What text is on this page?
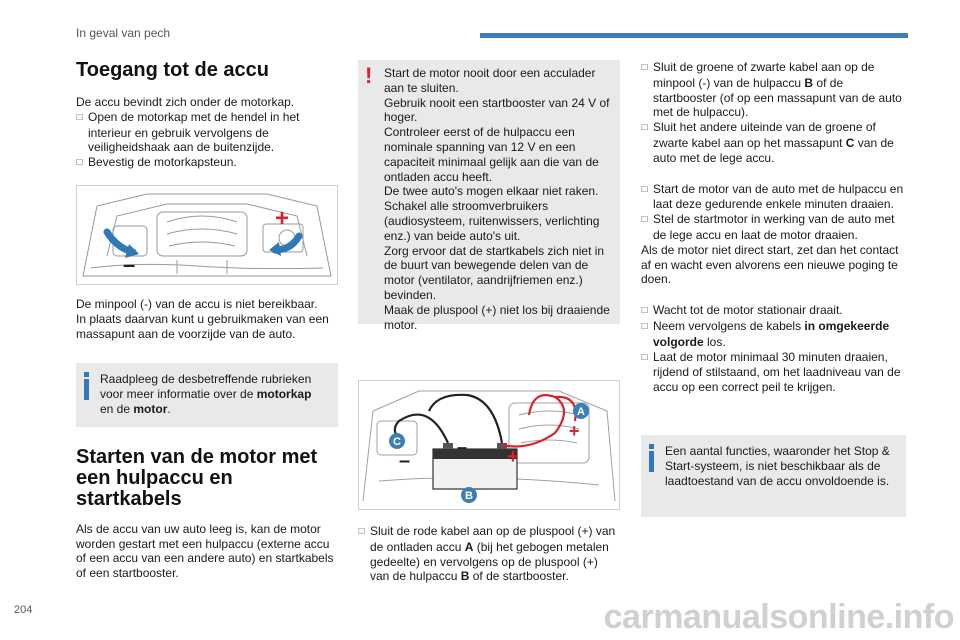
In geval van pech
Toegang tot de accu

De accu bevindt zich onder de motorkap.

☐ Open de motorkap met de hendel in het interieur en gebruik vervolgens de veiligheidshaak aan de buitenzijde.

☐ Bevestig de motorkapsteun.

–
+

De minpool (-) van de accu is niet bereikbaar.

In plaats daarvan kunt u gebruikmaken van een massapunt aan de voorzijde van de auto.

Raadpleeg de desbetreffende rubrieken voor meer informatie over de motorkap en de motor.
Starten van de motor met een hulpaccu en startkabels

Als de accu van uw auto leeg is, kan de motor worden gestart met een hulpaccu (externe accu of een accu van een andere auto) en startkabels of een startbooster.

! Start de motor nooit door een acculader aan te sluiten.

Gebruik nooit een startbooster van 24 V of hoger.

Controleer eerst of de hulpaccu een nominale spanning van 12 V en een capaciteit minimaal gelijk aan die van de ontladen accu heeft.

De twee auto's mogen elkaar niet raken.

Schakel alle stroomverbruikers (audiosysteem, ruitenwissers, verlichting enz.) van beide auto's uit.

Zorg ervoor dat de startkabels zich niet in de buurt van bewegende delen van de motor (ventilator, aandrijfriemen enz.) bevinden.

Maak de pluspool (+) niet los bij draaiende motor.

A
B
C
–
– +
+

☐ Sluit de rode kabel aan op de pluspool (+) van de ontladen accu A (bij het gebogen metalen gedeelte) en vervolgens op de pluspool (+) van de hulpaccu B of de startbooster.

☐ Sluit de groene of zwarte kabel aan op de minpool (-) van de hulpaccu B of de startbooster (of op een massapunt van de auto met de hulpaccu).

☐ Sluit het andere uiteinde van de groene of zwarte kabel aan op het massapunt C van de auto met de lege accu.

☐ Start de motor van de auto met de hulpaccu en laat deze gedurende enkele minuten draaien.

☐ Stel de startmotor in werking van de auto met de lege accu en laat de motor draaien.

Als de motor niet direct start, zet dan het contact af en wacht even alvorens een nieuwe poging te doen.

☐ Wacht tot de motor stationair draait.

☐ Neem vervolgens de kabels in omgekeerde volgorde los.

☐ Laat de motor minimaal 30 minuten draaien, rijdend of stilstaand, om het laadniveau van de accu op een correct peil te krijgen.

Een aantal functies, waaronder het Stop & Start-systeem, is niet beschikbaar als de laadtoestand van de accu onvoldoende is.
204	carmanualsonline.info
